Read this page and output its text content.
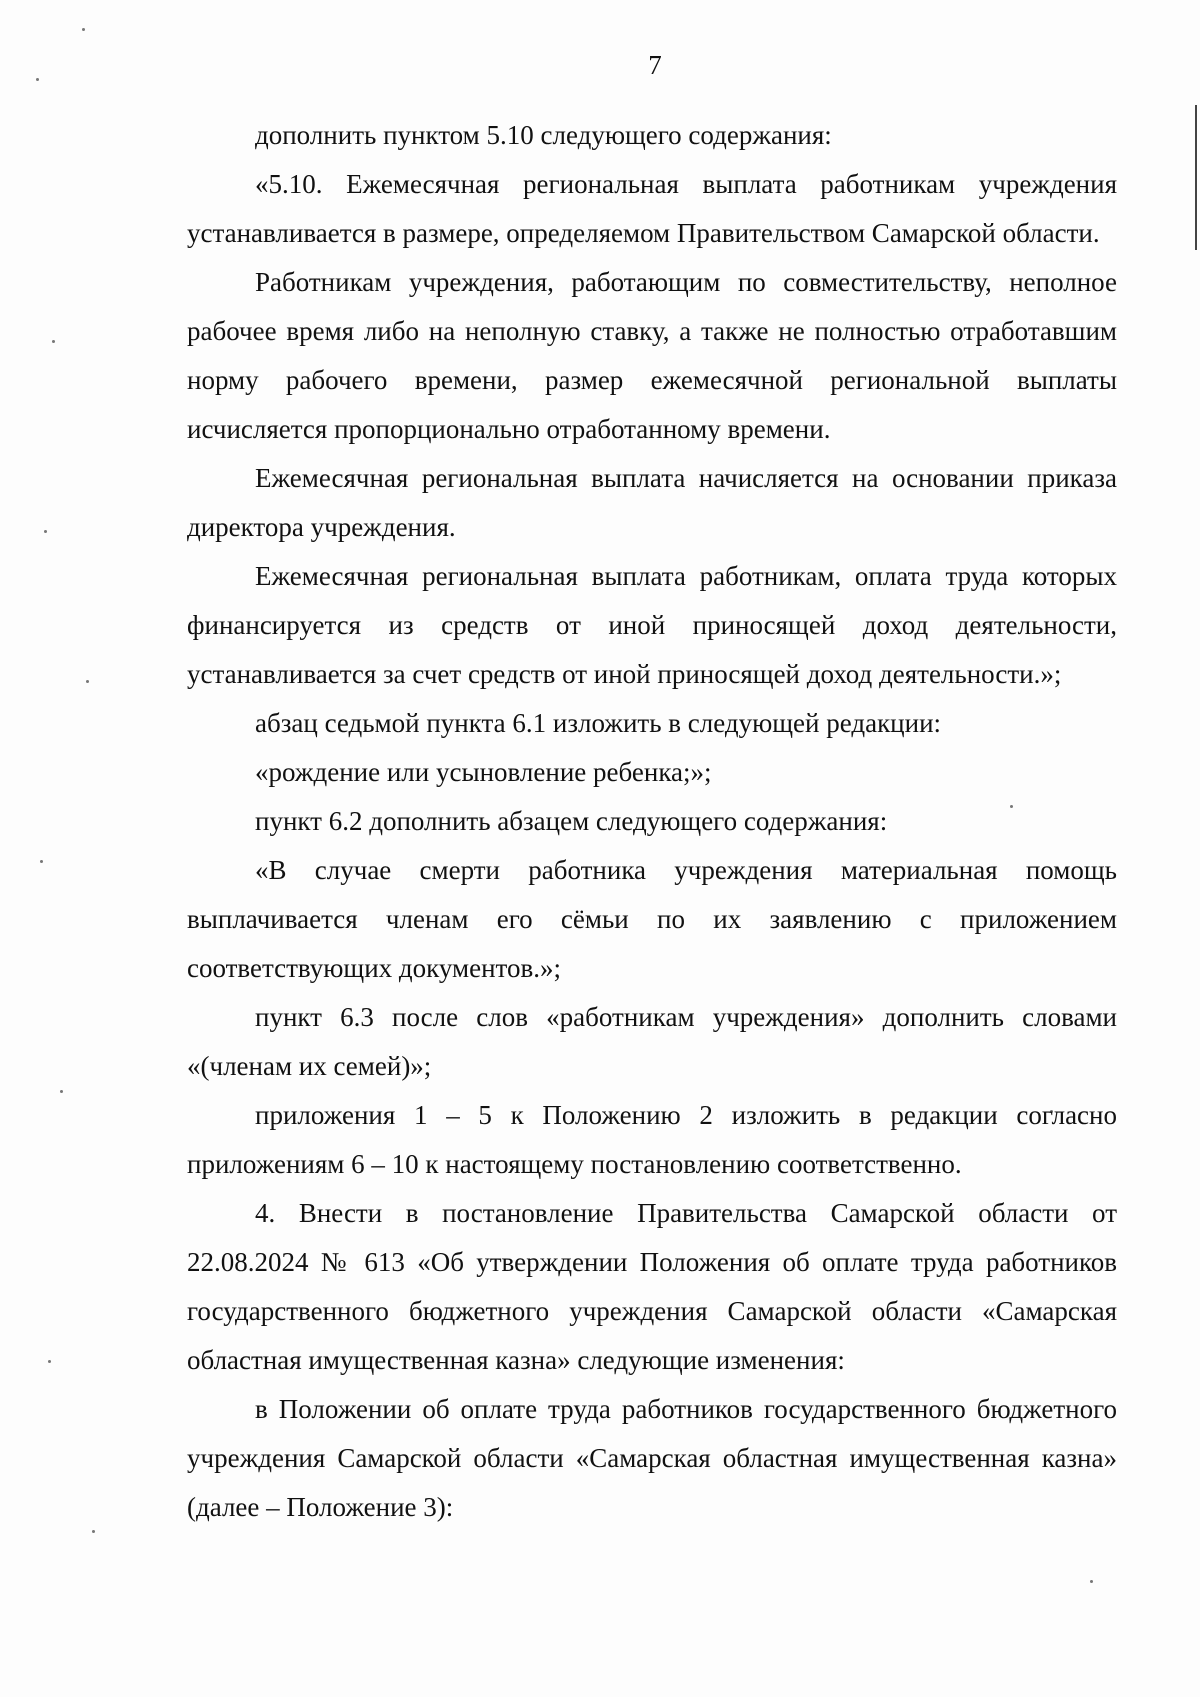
7

дополнить пунктом 5.10 следующего содержания:

«5.10. Ежемесячная региональная выплата работникам учреждения устанавливается в размере, определяемом Правительством Самарской области.

Работникам учреждения, работающим по совместительству, неполное рабочее время либо на неполную ставку, а также не полностью отработавшим норму рабочего времени, размер ежемесячной региональной выплаты исчисляется пропорционально отработанному времени.

Ежемесячная региональная выплата начисляется на основании приказа директора учреждения.

Ежемесячная региональная выплата работникам, оплата труда которых финансируется из средств от иной приносящей доход деятельности, устанавливается за счет средств от иной приносящей доход деятельности.»;

абзац седьмой пункта 6.1 изложить в следующей редакции:

«рождение или усыновление ребенка;»;

пункт 6.2 дополнить абзацем следующего содержания:

«В случае смерти работника учреждения материальная помощь выплачивается членам его сёмьи по их заявлению с приложением соответствующих документов.»;

пункт 6.3 после слов «работникам учреждения» дополнить словами «(членам их семей)»;

приложения 1 – 5 к Положению 2 изложить в редакции согласно приложениям 6 – 10 к настоящему постановлению соответственно.

4. Внести в постановление Правительства Самарской области от 22.08.2024 № 613 «Об утверждении Положения об оплате труда работников государственного бюджетного учреждения Самарской области «Самарская областная имущественная казна» следующие изменения:

в Положении об оплате труда работников государственного бюджетного учреждения Самарской области «Самарская областная имущественная казна» (далее – Положение 3):
